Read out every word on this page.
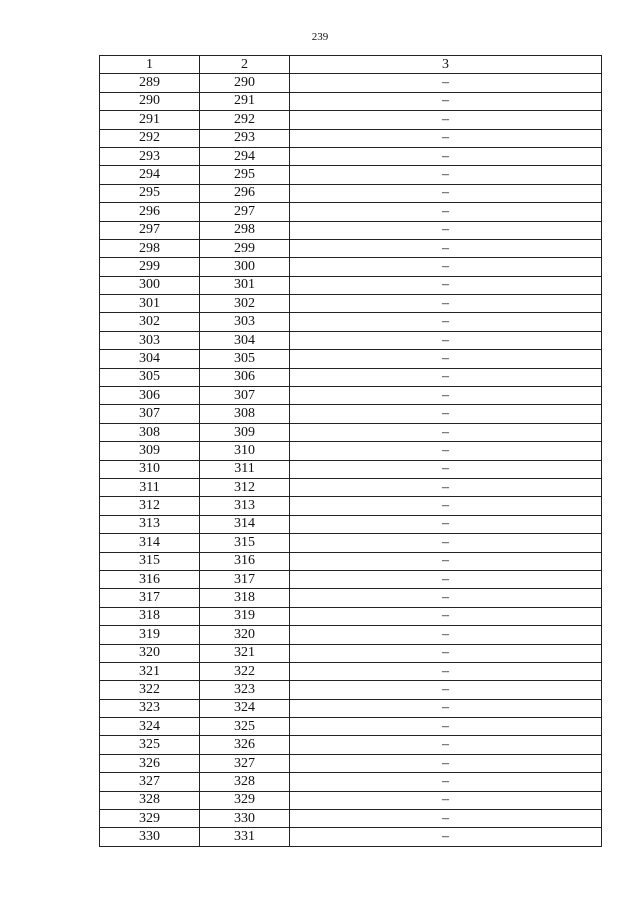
239
1	2	3
289	290	–
290	291	–
291	292	–
292	293	–
293	294	–
294	295	–
295	296	–
296	297	–
297	298	–
298	299	–
299	300	–
300	301	–
301	302	–
302	303	–
303	304	–
304	305	–
305	306	–
306	307	–
307	308	–
308	309	–
309	310	–
310	311	–
311	312	–
312	313	–
313	314	–
314	315	–
315	316	–
316	317	–
317	318	–
318	319	–
319	320	–
320	321	–
321	322	–
322	323	–
323	324	–
324	325	–
325	326	–
326	327	–
327	328	–
328	329	–
329	330	–
330	331	–
